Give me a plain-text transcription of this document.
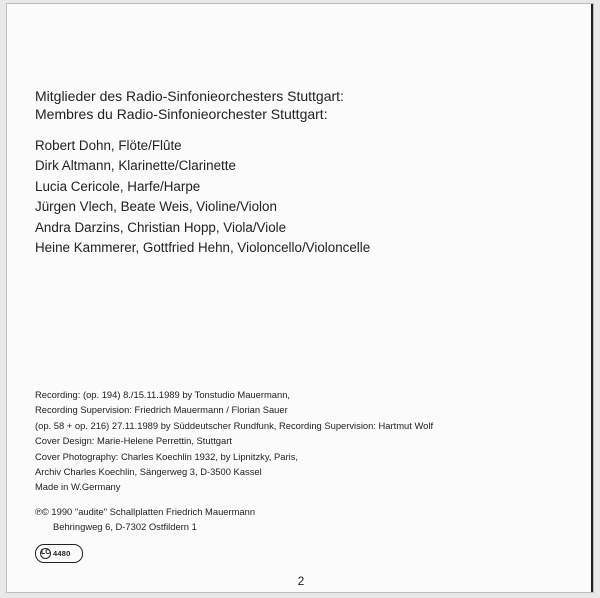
Mitglieder des Radio-Sinfonieorchesters Stuttgart:
Membres du Radio-Sinfonieorchester Stuttgart:
Robert Dohn, Flöte/Flûte
Dirk Altmann, Klarinette/Clarinette
Lucia Cericole, Harfe/Harpe
Jürgen Vlech, Beate Weis, Violine/Violon
Andra Darzins, Christian Hopp, Viola/Viole
Heine Kammerer, Gottfried Hehn, Violoncello/Violoncelle
Recording: (op. 194) 8./15.11.1989 by Tonstudio Mauermann,
Recording Supervision: Friedrich Mauermann / Florian Sauer
(op. 58 + op. 216) 27.11.1989 by Süddeutscher Rundfunk, Recording Supervision: Hartmut Wolf
Cover Design: Marie-Helene Perrettin, Stuttgart
Cover Photography: Charles Koechlin 1932, by Lipnitzky, Paris,
Archiv Charles Koechlin, Sängerweg 3, D-3500 Kassel
Made in W.Germany
℗© 1990 "audite" Schallplatten Friedrich Mauermann
Behringweg 6, D-7302 Ostfildern 1
LC 4480
2
